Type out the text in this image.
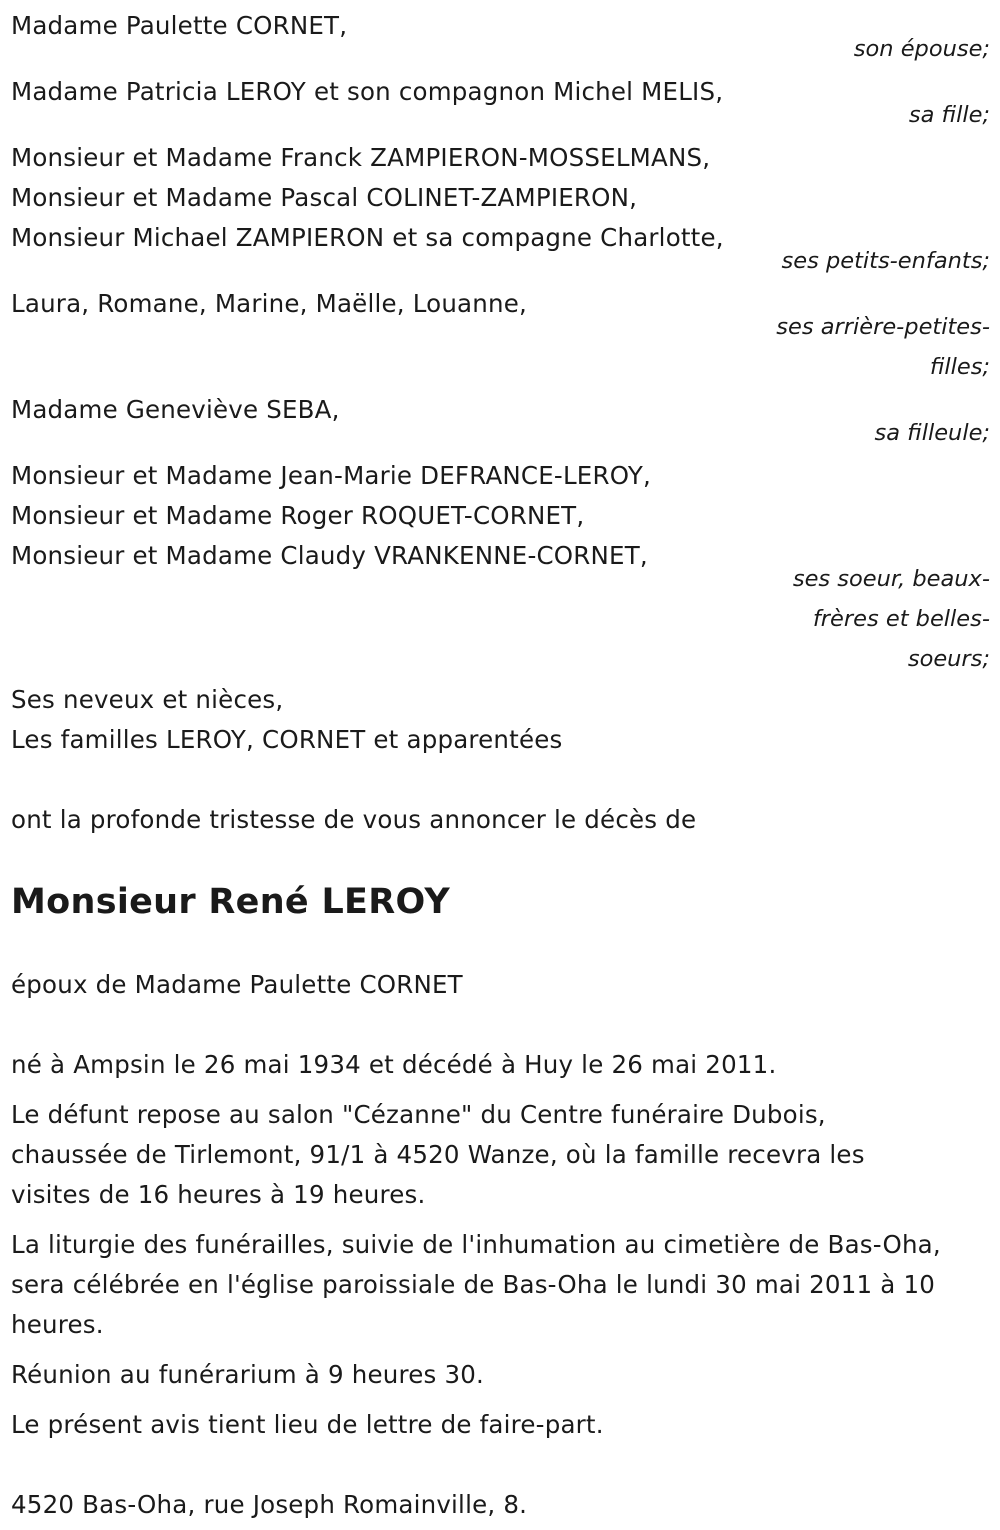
Madame Paulette CORNET,
son épouse;
Madame Patricia LEROY et son compagnon Michel MELIS,
sa fille;
Monsieur et Madame Franck ZAMPIERON-MOSSELMANS,
Monsieur et Madame Pascal COLINET-ZAMPIERON,
Monsieur Michael ZAMPIERON et sa compagne Charlotte,
ses petits-enfants;
Laura, Romane, Marine, Maëlle, Louanne,
ses arrière-petites-
filles;
Madame Geneviève SEBA,
sa filleule;
Monsieur et Madame Jean-Marie DEFRANCE-LEROY,
Monsieur et Madame Roger ROQUET-CORNET,
Monsieur et Madame Claudy VRANKENNE-CORNET,
ses soeur, beaux-
frères et belles-
soeurs;
Ses neveux et nièces,
Les familles LEROY, CORNET et apparentées
ont la profonde tristesse de vous annoncer le décès de
Monsieur René LEROY
époux de Madame Paulette CORNET
né à Ampsin le 26 mai 1934 et décédé à Huy le 26 mai 2011.
Le défunt repose au salon "Cézanne" du Centre funéraire Dubois,
chaussée de Tirlemont, 91/1 à 4520 Wanze, où la famille recevra les
visites de 16 heures à 19 heures.
La liturgie des funérailles, suivie de l'inhumation au cimetière de Bas-Oha,
sera célébrée en l'église paroissiale de Bas-Oha le lundi 30 mai 2011 à 10
heures.
Réunion au funérarium à 9 heures 30.
Le présent avis tient lieu de lettre de faire-part.
4520 Bas-Oha, rue Joseph Romainville, 8.
